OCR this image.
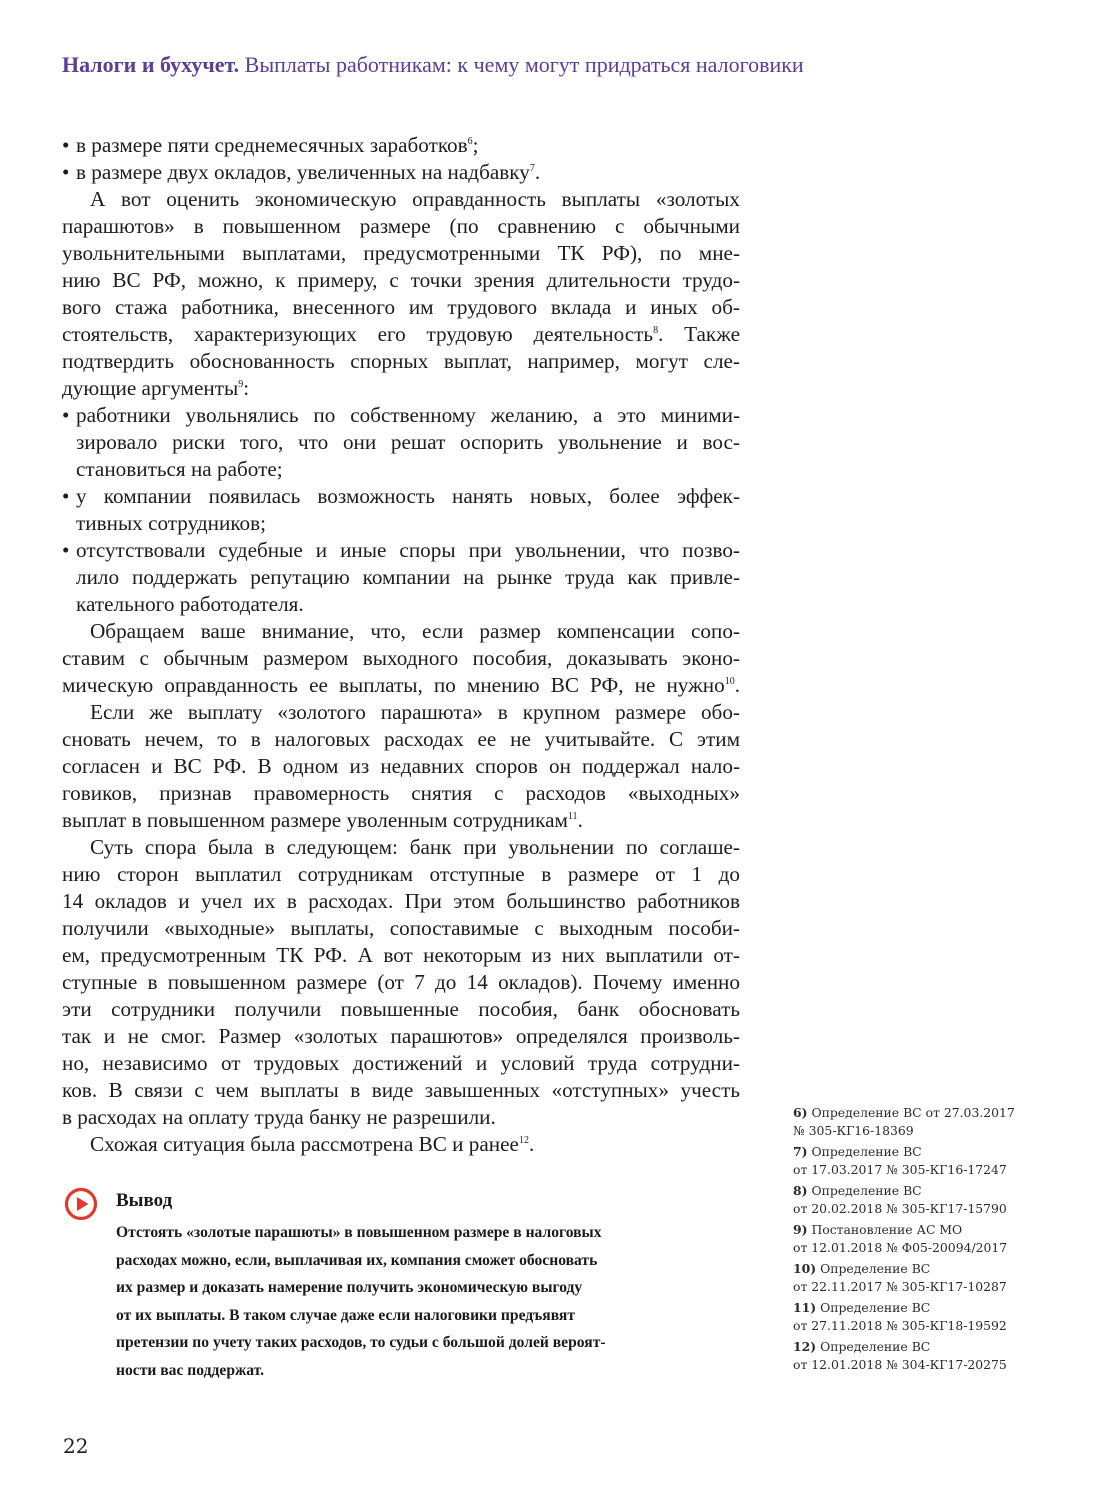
Налоги и бухучет. Выплаты работникам: к чему могут придраться налоговики
• в размере пяти среднемесячных заработков$^6$;
• в размере двух окладов, увеличенных на надбавку$^7$.
А вот оценить экономическую оправданность выплаты «золотых
парашютов» в повышенном размере (по сравнению с обычными
увольнительными выплатами, предусмотренными ТК РФ), по мне-
нию ВС РФ, можно, к примеру, с точки зрения длительности трудо-
вого стажа работника, внесенного им трудового вклада и иных об-
стоятельств, характеризующих его трудовую деятельность$^8$. Также
подтвердить обоснованность спорных выплат, например, могут сле-
дующие аргументы$^9$:
• работники увольнялись по собственному желанию, а это миними-
зировало риски того, что они решат оспорить увольнение и вос-
становиться на работе;
• у компании появилась возможность нанять новых, более эффек-
тивных сотрудников;
• отсутствовали судебные и иные споры при увольнении, что позво-
лило поддержать репутацию компании на рынке труда как привле-
кательного работодателя.
Обращаем ваше внимание, что, если размер компенсации сопо-
ставим с обычным размером выходного пособия, доказывать эконо-
мическую оправданность ее выплаты, по мнению ВС РФ, не нужно$^{10}$.
Если же выплату «золотого парашюта» в крупном размере обо-
сновать нечем, то в налоговых расходах ее не учитывайте. С этим
согласен и ВС РФ. В одном из недавних споров он поддержал нало-
говиков, признав правомерность снятия с расходов «выходных»
выплат в повышенном размере уволенным сотрудникам$^{11}$.
Суть спора была в следующем: банк при увольнении по соглаше-
нию сторон выплатил сотрудникам отступные в размере от 1 до
14 окладов и учел их в расходах. При этом большинство работников
получили «выходные» выплаты, сопоставимые с выходным пособи-
ем, предусмотренным ТК РФ. А вот некоторым из них выплатили от-
ступные в повышенном размере (от 7 до 14 окладов). Почему именно
эти сотрудники получили повышенные пособия, банк обосновать
так и не смог. Размер «золотых парашютов» определялся произволь-
но, независимо от трудовых достижений и условий труда сотрудни-
ков. В связи с чем выплаты в виде завышенных «отступных» учесть
в расходах на оплату труда банку не разрешили.
Схожая ситуация была рассмотрена ВС и ранее$^{12}$.
Вывод
Отстоять «золотые парашюты» в повышенном размере в налоговых
расходах можно, если, выплачивая их, компания сможет обосновать
их размер и доказать намерение получить экономическую выгоду
от их выплаты. В таком случае даже если налоговики предъявят
претензии по учету таких расходов, то судьи с большой долей вероят-
ности вас поддержат.
6) Определение ВС от 27.03.2017
№ 305-КГ16-18369
7) Определение ВС
от 17.03.2017 № 305-КГ16-17247
8) Определение ВС
от 20.02.2018 № 305-КГ17-15790
9) Постановление АС МО
от 12.01.2018 № Ф05-20094/2017
10) Определение ВС
от 22.11.2017 № 305-КГ17-10287
11) Определение ВС
от 27.11.2018 № 305-КГ18-19592
12) Определение ВС
от 12.01.2018 № 304-КГ17-20275
22
